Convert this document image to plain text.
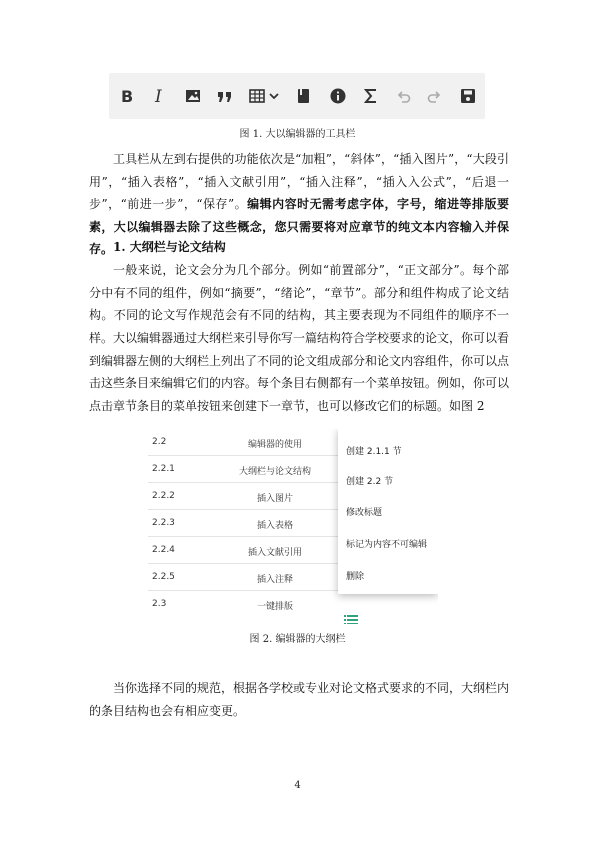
B I
图 1. 大以编辑器的工具栏

工具栏从左到右提供的功能依次是“加粗”，“斜体”，“插入图片”，“大段引用”，“插入表格”，“插入文献引用”，“插入注释”，“插入入公式”，“后退一步”，“前进一步”，“保存”。编辑内容时无需考虑字体，字号，缩进等排版要素，大以编辑器去除了这些概念，您只需要将对应章节的纯文本内容输入并保存。 1. 大纲栏与论文结构

一般来说，论文会分为几个部分。例如“前置部分”，“正文部分”。每个部分中有不同的组件，例如“摘要”，“绪论”，“章节”。部分和组件构成了论文结构。不同的论文写作规范会有不同的结构，其主要表现为不同组件的顺序不一样。 大以编辑器通过大纲栏来引导你写一篇结构符合学校要求的论文，你可以看到编辑器左侧的大纲栏上列出了不同的论文组成部分和论文内容组件，你可以点击这些条目来编辑它们的内容。每个条目右侧都有一个菜单按钮。例如，你可以点击章节条目的菜单按钮来创建下一章节，也可以修改它们的标题。如图 2

2.2	编辑器的使用
2.2.1	大纲栏与论文结构
2.2.2	插入图片
2.2.3	插入表格
2.2.4	插入文献引用
2.2.5	插入注释
2.3	一键排版
创建 2.1.1 节
创建 2.2 节
修改标题
标记为内容不可编辑
删除
图 2. 编辑器的大纲栏

当你选择不同的规范，根据各学校或专业对论文格式要求的不同，大纲栏内的条目结构也会有相应变更。

4
